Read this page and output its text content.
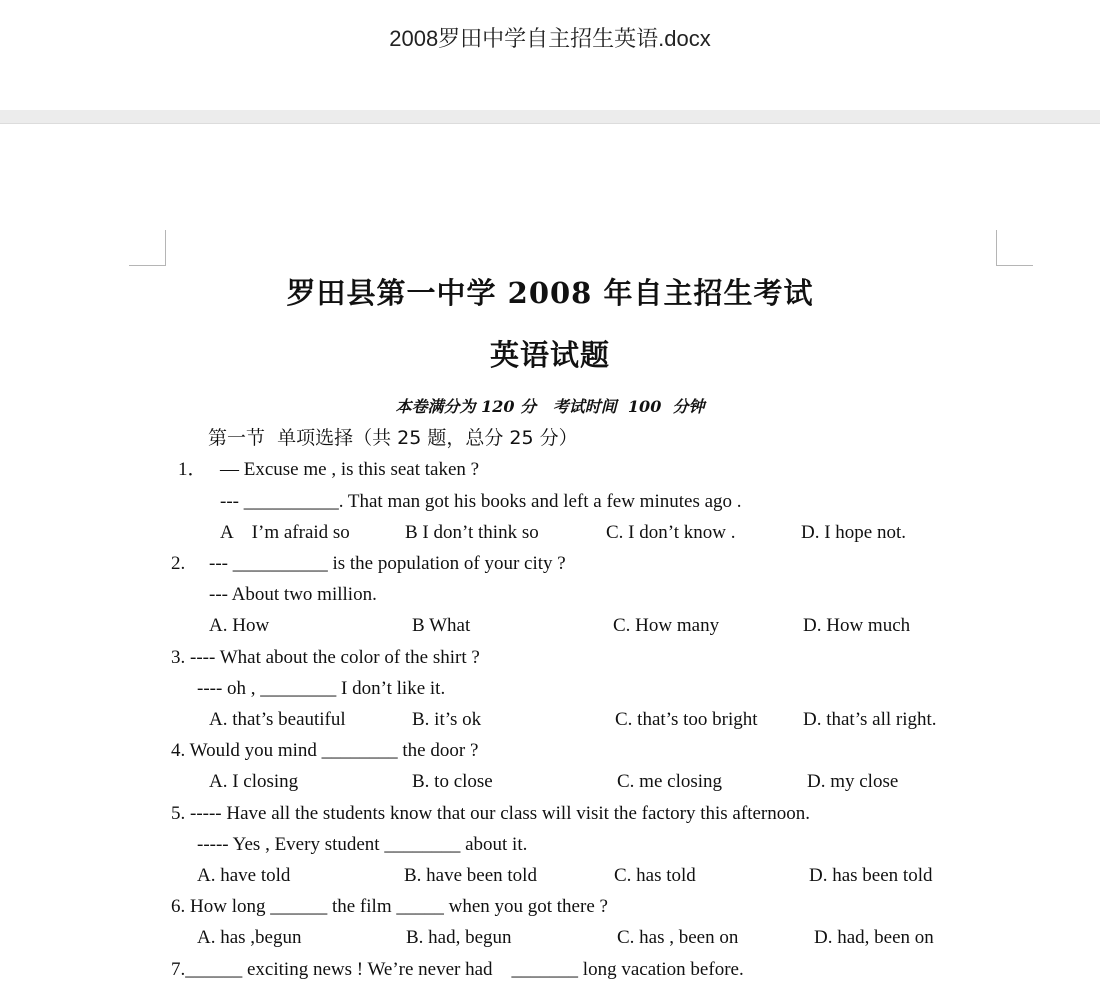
2008罗田中学自主招生英语.docx
罗田县第一中学 2008 年自主招生考试
英语试题
本卷满分为 120 分   考试时间  100  分钟
第一节  单项选择（共 25 题，总分 25 分）
1． — Excuse me , is this seat taken ?
--- __________. That man got his books and left a few minutes ago .
A    I’m afraid so	B I don’t think so	C. I don’t know .	D. I hope not.
2. --- __________ is the population of your city ?
--- About two million.
A. How	B What	C. How many	D. How much
3. ---- What about the color of the shirt ?
---- oh , ________ I don’t like it.
A. that’s beautiful	B. it’s ok	C. that’s too bright D. that’s all right.
4. Would you mind ________ the door ?
A. I closing	B. to close	C. me closing	D. my close
5. ----- Have all the students know that our class will visit the factory this afternoon.
----- Yes , Every student ________ about it.
A. have told	B. have been told	C. has told	D. has been told
6. How long ______ the film _____ when you got there ?
A. has ,begun	B. had, begun	C. has , been on	D. had, been on
7.______ exciting news ! We’re never had    _______ long vacation before.
